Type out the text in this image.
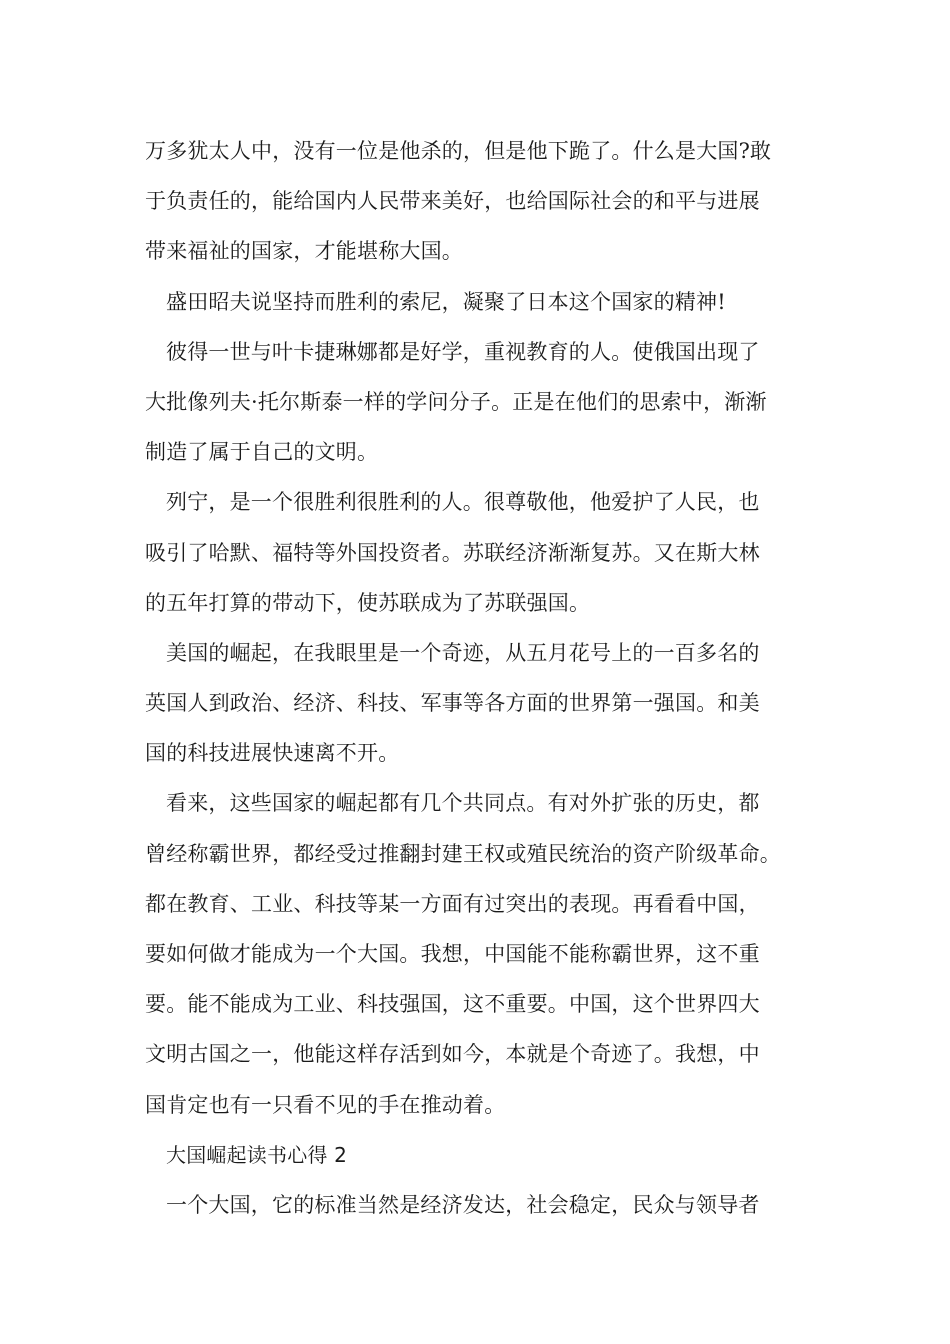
万多犹太人中，没有一位是他杀的，但是他下跪了。什么是大国?敢
于负责任的，能给国内人民带来美好，也给国际社会的和平与进展
带来福祉的国家，才能堪称大国。

盛田昭夫说坚持而胜利的索尼，凝聚了日本这个国家的精神!

彼得一世与叶卡捷琳娜都是好学，重视教育的人。使俄国出现了
大批像列夫·托尔斯泰一样的学问分子。正是在他们的思索中，渐渐
制造了属于自己的文明。

列宁，是一个很胜利很胜利的人。很尊敬他，他爱护了人民，也
吸引了哈默、福特等外国投资者。苏联经济渐渐复苏。又在斯大林
的五年打算的带动下，使苏联成为了苏联强国。

美国的崛起，在我眼里是一个奇迹，从五月花号上的一百多名的
英国人到政治、经济、科技、军事等各方面的世界第一强国。和美
国的科技进展快速离不开。

看来，这些国家的崛起都有几个共同点。有对外扩张的历史，都
曾经称霸世界，都经受过推翻封建王权或殖民统治的资产阶级革命。
都在教育、工业、科技等某一方面有过突出的表现。再看看中国，
要如何做才能成为一个大国。我想，中国能不能称霸世界，这不重
要。能不能成为工业、科技强国，这不重要。中国，这个世界四大
文明古国之一，他能这样存活到如今，本就是个奇迹了。我想，中
国肯定也有一只看不见的手在推动着。

大国崛起读书心得 2

一个大国，它的标准当然是经济发达，社会稳定，民众与领导者
